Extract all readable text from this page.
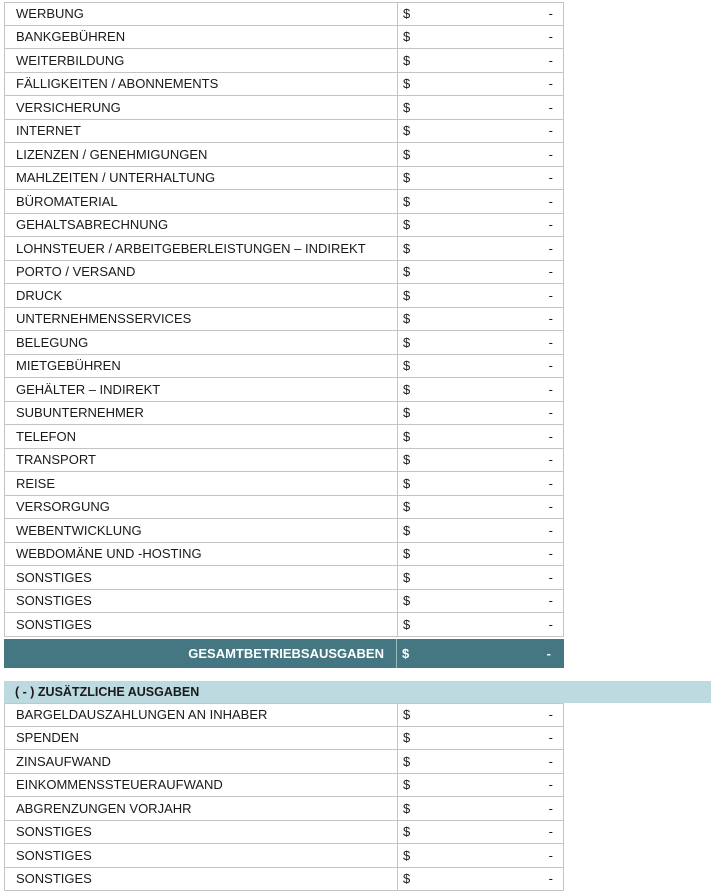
WERBUNG	$	-
BANKGEBÜHREN	$	-
WEITERBILDUNG	$	-
FÄLLIGKEITEN / ABONNEMENTS	$	-
VERSICHERUNG	$	-
INTERNET	$	-
LIZENZEN / GENEHMIGUNGEN	$	-
MAHLZEITEN / UNTERHALTUNG	$	-
BÜROMATERIAL	$	-
GEHALTSABRECHNUNG	$	-
LOHNSTEUER / ARBEITGEBERLEISTUNGEN – INDIREKT	$	-
PORTO / VERSAND	$	-
DRUCK	$	-
UNTERNEHMENSSERVICES	$	-
BELEGUNG	$	-
MIETGEBÜHREN	$	-
GEHÄLTER – INDIREKT	$	-
SUBUNTERNEHMER	$	-
TELEFON	$	-
TRANSPORT	$	-
REISE	$	-
VERSORGUNG	$	-
WEBENTWICKLUNG	$	-
WEBDOMÄNE UND -HOSTING	$	-
SONSTIGES	$	-
SONSTIGES	$	-
SONSTIGES	$	-
GESAMTBETRIEBSAUSGABEN	$	-
( - ) ZUSÄTZLICHE AUSGABEN
BARGELDAUSZAHLUNGEN AN INHABER	$	-
SPENDEN	$	-
ZINSAUFWAND	$	-
EINKOMMENSSTEUERAUFWAND	$	-
ABGRENZUNGEN VORJAHR	$	-
SONSTIGES	$	-
SONSTIGES	$	-
SONSTIGES	$	-
